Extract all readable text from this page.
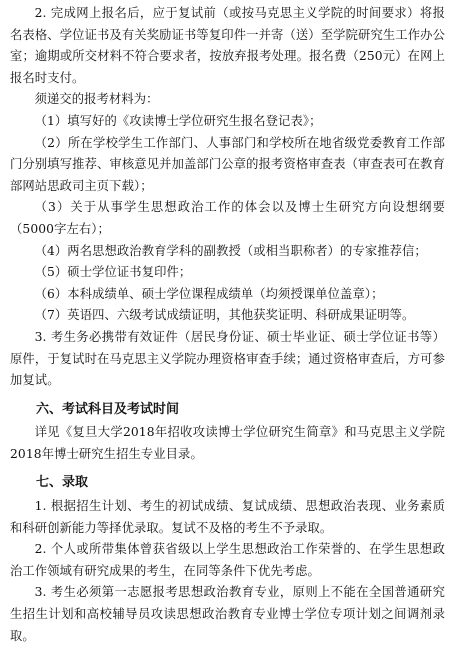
2. 完成网上报名后，应于复试前（或按马克思主义学院的时间要求）将报名表格、学位证书及有关奖励证书等复印件一并寄（送）至学院研究生工作办公室；逾期或所交材料不符合要求者，按放弃报考处理。报名费（250元）在网上报名时支付。

须递交的报考材料为：

（1）填写好的《攻读博士学位研究生报名登记表》；

（2）所在学校学生工作部门、人事部门和学校所在地省级党委教育工作部门分别填写推荐、审核意见并加盖部门公章的报考资格审查表（审查表可在教育部网站思政司主页下载）；

（3）关于从事学生思想政治工作的体会以及博士生研究方向设想纲要（5000字左右）；

（4）两名思想政治教育学科的副教授（或相当职称者）的专家推荐信；

（5）硕士学位证书复印件；

（6）本科成绩单、硕士学位课程成绩单（均须授课单位盖章）；

（7）英语四、六级考试成绩证明，其他获奖证明、科研成果证明等。

3. 考生务必携带有效证件（居民身份证、硕士毕业证、硕士学位证书等）原件，于复试时在马克思主义学院办理资格审查手续；通过资格审查后，方可参加复试。

六、考试科目及考试时间

详见《复旦大学2018年招收攻读博士学位研究生简章》和马克思主义学院2018年博士研究生招生专业目录。

七、录取

1. 根据招生计划、考生的初试成绩、复试成绩、思想政治表现、业务素质和科研创新能力等择优录取。复试不及格的考生不予录取。

2. 个人或所带集体曾获省级以上学生思想政治工作荣誉的、在学生思想政治工作领域有研究成果的考生，在同等条件下优先考虑。

3. 考生必须第一志愿报考思想政治教育专业，原则上不能在全国普通研究生招生计划和高校辅导员攻读思想政治教育专业博士学位专项计划之间调剂录取。
